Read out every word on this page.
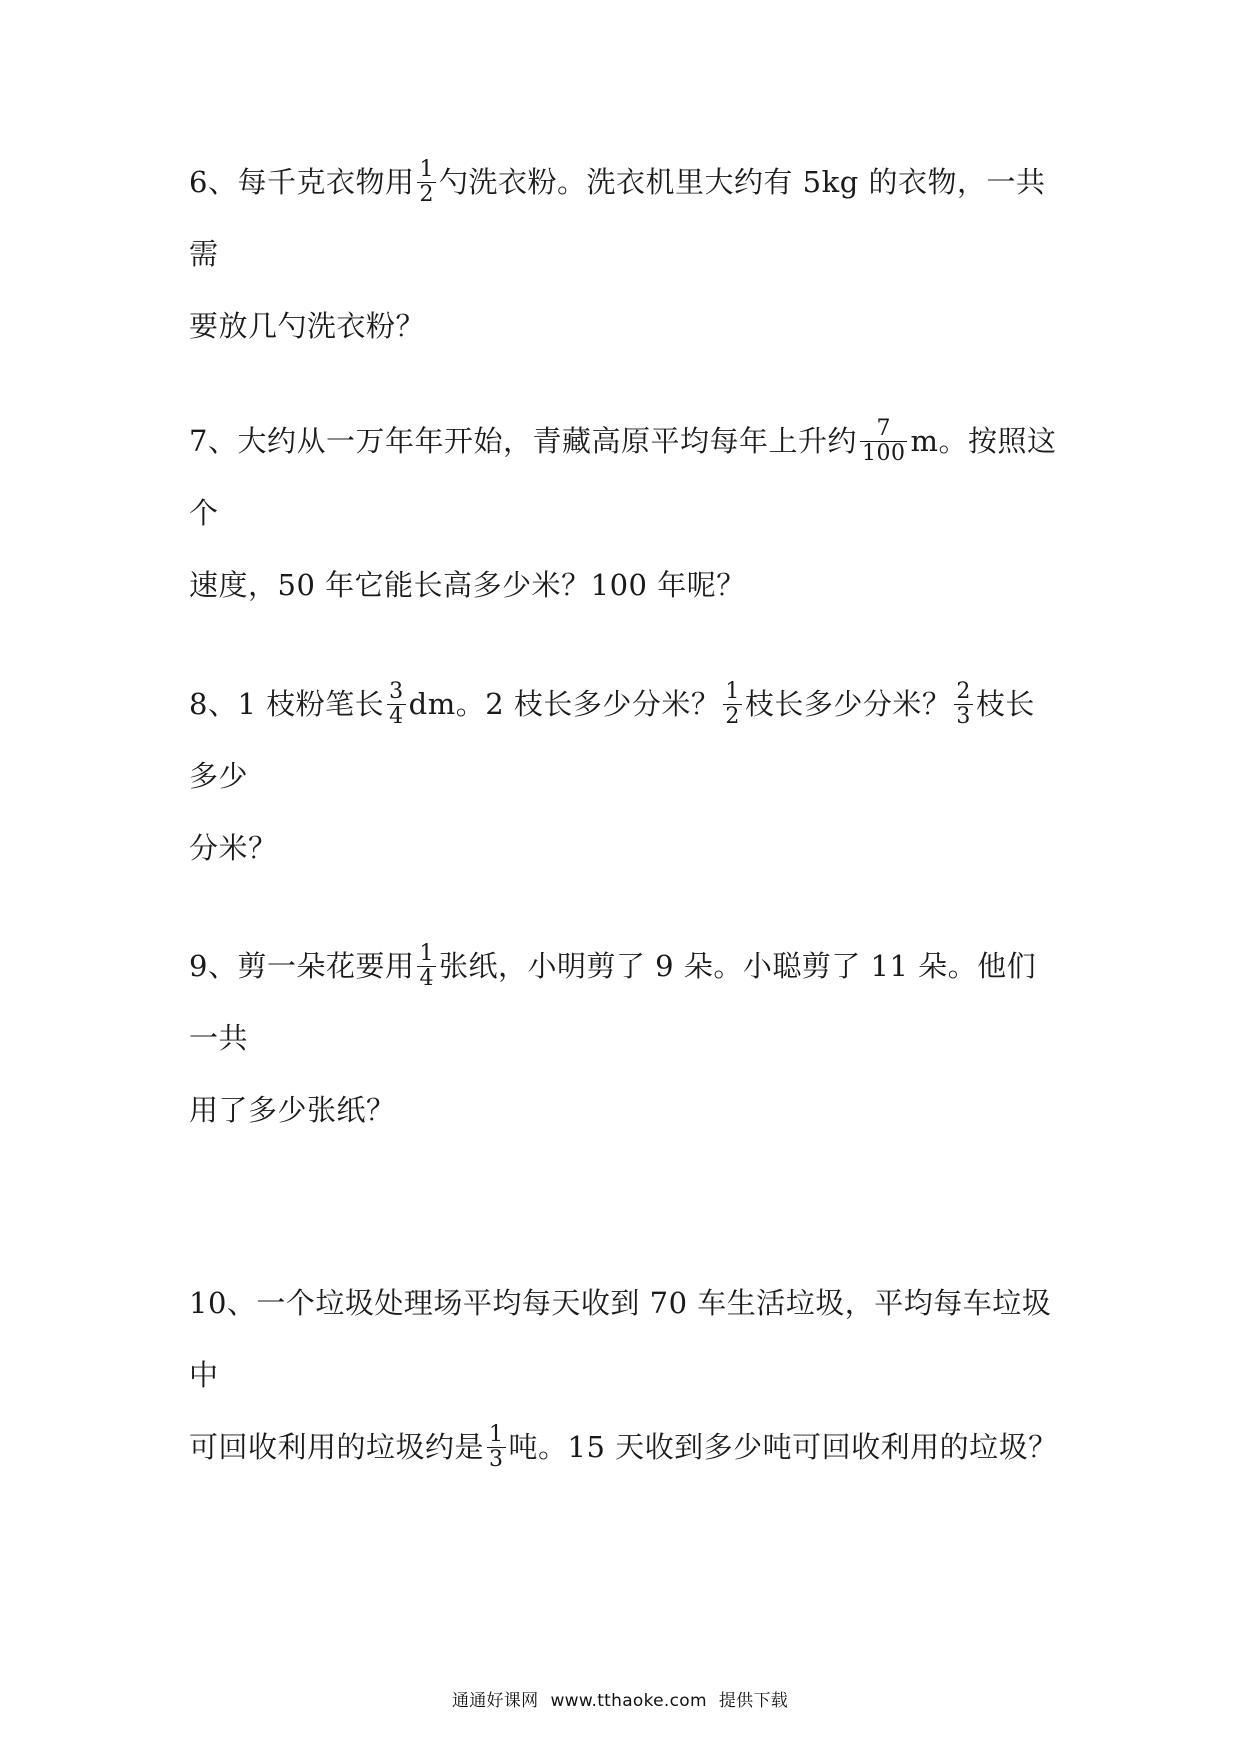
6、每千克衣物用 $\frac{1}{2}$ 勺洗衣粉。洗衣机里大约有 5kg 的衣物，一共需
要放几勺洗衣粉？
7、大约从一万年年开始，青藏高原平均每年上升约 $\frac{7}{100}$ m。按照这个
速度，50 年它能长高多少米？100 年呢？
8、1 枝粉笔长 $\frac{3}{4}$ dm。2 枝长多少分米？ $\frac{1}{2}$ 枝长多少分米？ $\frac{2}{3}$ 枝长多少
分米？
9、剪一朵花要用 $\frac{1}{4}$ 张纸，小明剪了 9 朵。小聪剪了 11 朵。他们一共
用了多少张纸？
10、一个垃圾处理场平均每天收到 70 车生活垃圾，平均每车垃圾中
可回收利用的垃圾约是 $\frac{1}{3}$ 吨。15 天收到多少吨可回收利用的垃圾？
通通好课网 www.tthaoke.com 提供下载
